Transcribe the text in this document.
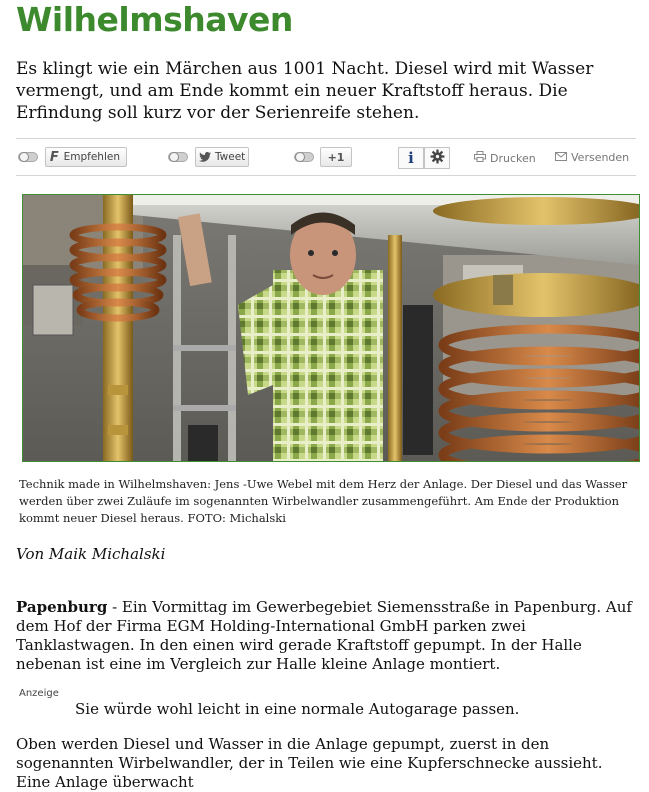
Wilhelmshaven

Es klingt wie ein Märchen aus 1001 Nacht. Diesel wird mit Wasser vermengt, und am Ende kommt ein neuer Kraftstoff heraus. Die Erfindung soll kurz vor der Serienreife stehen.

F Empfehlen	Tweet	+1	i	Drucken	Versenden

Technik made in Wilhelmshaven: Jens -Uwe Webel mit dem Herz der Anlage. Der Diesel und das Wasser werden über zwei Zuläufe im sogenannten Wirbelwandler zusammengeführt. Am Ende der Produktion kommt neuer Diesel heraus. FOTO: Michalski

Von Maik Michalski

Papenburg - Ein Vormittag im Gewerbegebiet Siemensstraße in Papenburg. Auf dem Hof der Firma EGM Holding-International GmbH parken zwei Tanklastwagen. In den einen wird gerade Kraftstoff gepumpt. In der Halle nebenan ist eine im Vergleich zur Halle kleine Anlage montiert.

Anzeige

Sie würde wohl leicht in eine normale Autogarage passen.

Oben werden Diesel und Wasser in die Anlage gepumpt, zuerst in den sogenannten Wirbelwandler, der in Teilen wie eine Kupferschnecke aussieht. Eine Anlage überwacht
